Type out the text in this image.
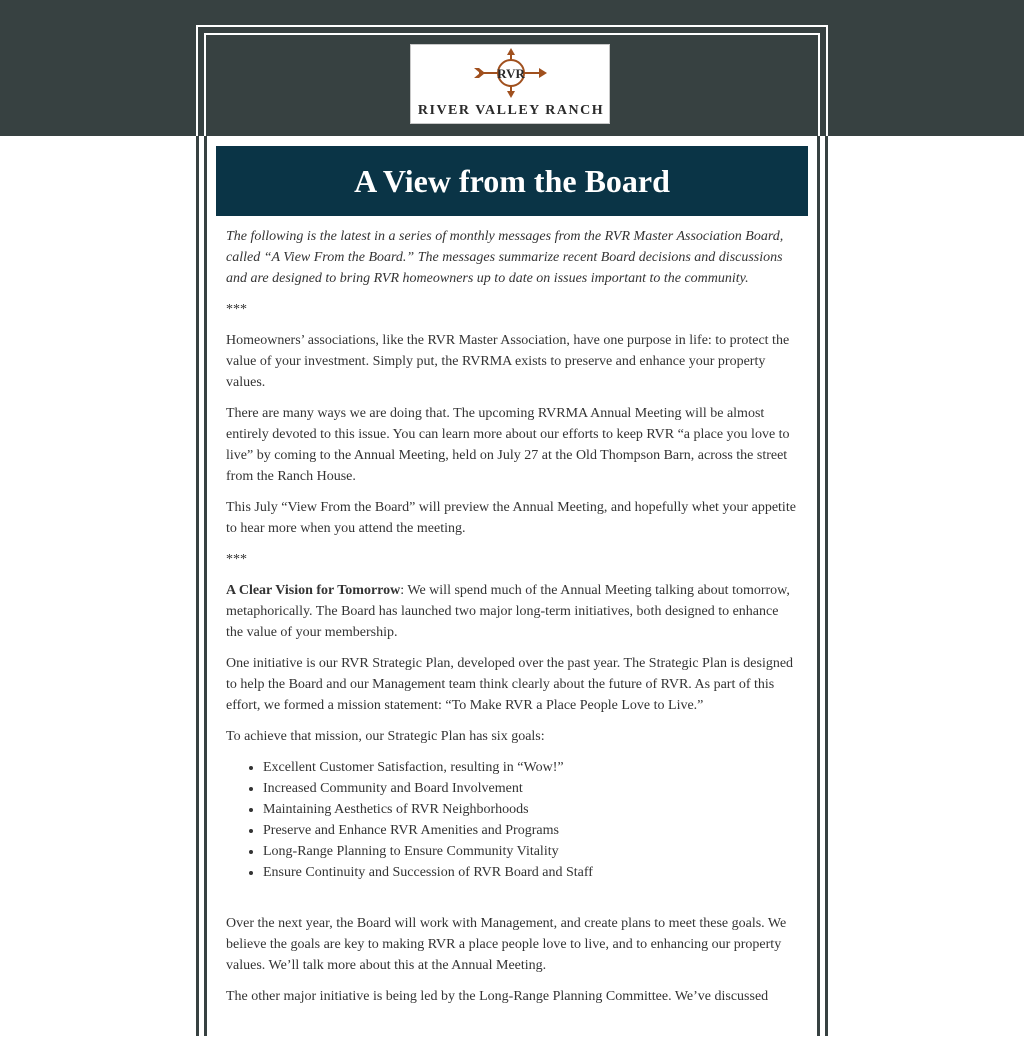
RVR
RIVER VALLEY RANCH
A View from the Board

The following is the latest in a series of monthly messages from the RVR Master Association Board, called “A View From the Board.” The messages summarize recent Board decisions and discussions and are designed to bring RVR homeowners up to date on issues important to the community.

***

Homeowners’ associations, like the RVR Master Association, have one purpose in life: to protect the value of your investment. Simply put, the RVRMA exists to preserve and enhance your property values.

There are many ways we are doing that. The upcoming RVRMA Annual Meeting will be almost entirely devoted to this issue. You can learn more about our efforts to keep RVR “a place you love to live” by coming to the Annual Meeting, held on July 27 at the Old Thompson Barn, across the street from the Ranch House.

This July “View From the Board” will preview the Annual Meeting, and hopefully whet your appetite to hear more when you attend the meeting.

***

A Clear Vision for Tomorrow: We will spend much of the Annual Meeting talking about tomorrow, metaphorically. The Board has launched two major long-term initiatives, both designed to enhance the value of your membership.

One initiative is our RVR Strategic Plan, developed over the past year. The Strategic Plan is designed to help the Board and our Management team think clearly about the future of RVR. As part of this effort, we formed a mission statement: “To Make RVR a Place People Love to Live.”

To achieve that mission, our Strategic Plan has six goals:

• Excellent Customer Satisfaction, resulting in “Wow!”
• Increased Community and Board Involvement
• Maintaining Aesthetics of RVR Neighborhoods
• Preserve and Enhance RVR Amenities and Programs
• Long-Range Planning to Ensure Community Vitality
• Ensure Continuity and Succession of RVR Board and Staff

Over the next year, the Board will work with Management, and create plans to meet these goals. We believe the goals are key to making RVR a place people love to live, and to enhancing our property values. We’ll talk more about this at the Annual Meeting.

The other major initiative is being led by the Long-Range Planning Committee. We’ve discussed
